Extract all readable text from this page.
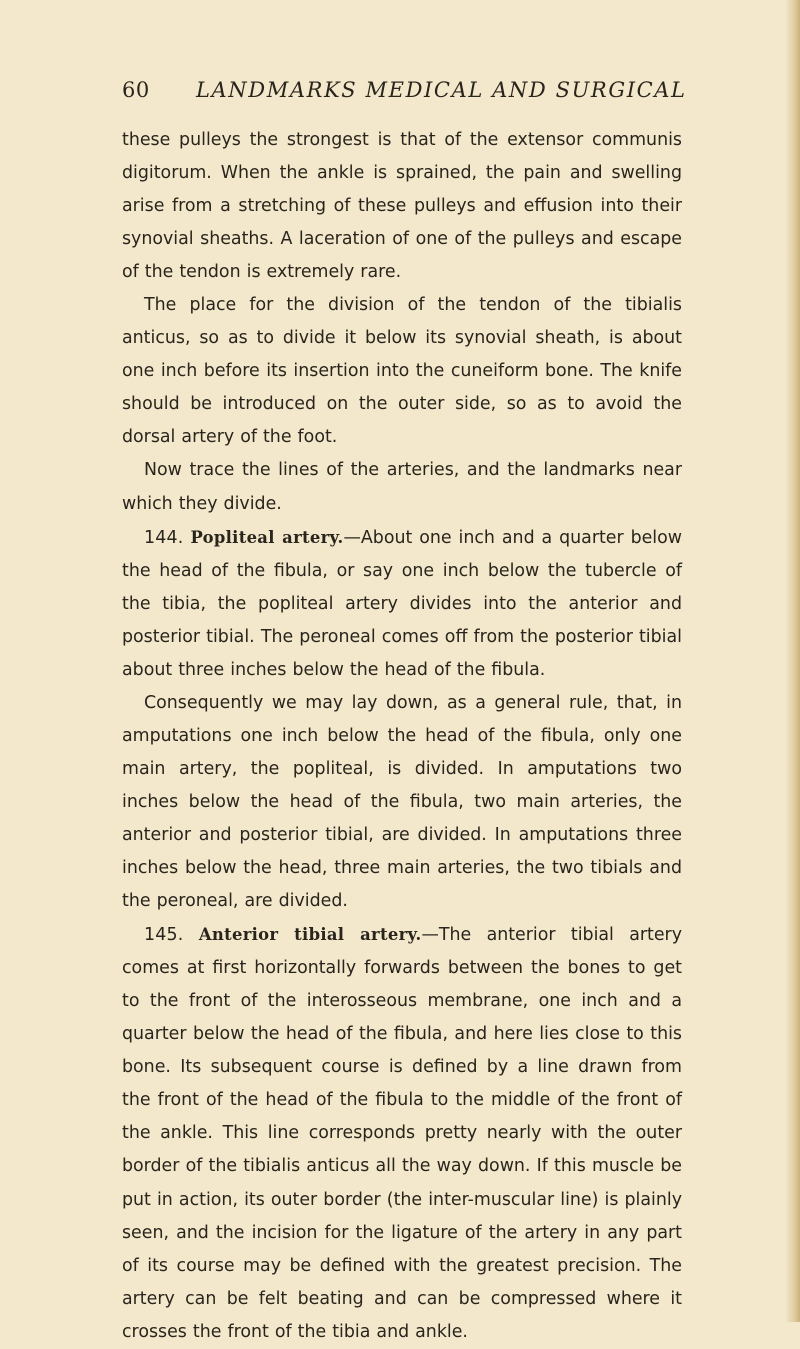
60 LANDMARKS MEDICAL AND SURGICAL

these pulleys the strongest is that of the extensor communis digitorum. When the ankle is sprained, the pain and swelling arise from a stretching of these pulleys and effusion into their synovial sheaths. A laceration of one of the pulleys and escape of the tendon is extremely rare.

The place for the division of the tendon of the tibialis anticus, so as to divide it below its synovial sheath, is about one inch before its insertion into the cuneiform bone. The knife should be introduced on the outer side, so as to avoid the dorsal artery of the foot.

Now trace the lines of the arteries, and the landmarks near which they divide.

144. Popliteal artery.—About one inch and a quarter below the head of the fibula, or say one inch below the tubercle of the tibia, the popliteal artery divides into the anterior and posterior tibial. The peroneal comes off from the posterior tibial about three inches below the head of the fibula.

Consequently we may lay down, as a general rule, that, in amputations one inch below the head of the fibula, only one main artery, the popliteal, is divided. In amputations two inches below the head of the fibula, two main arteries, the anterior and posterior tibial, are divided. In amputations three inches below the head, three main arteries, the two tibials and the peroneal, are divided.

145. Anterior tibial artery.—The anterior tibial artery comes at first horizontally forwards between the bones to get to the front of the interosseous membrane, one inch and a quarter below the head of the fibula, and here lies close to this bone. Its subsequent course is defined by a line drawn from the front of the head of the fibula to the middle of the front of the ankle. This line corresponds pretty nearly with the outer border of the tibialis anticus all the way down. If this muscle be put in action, its outer border (the inter-muscular line) is plainly seen, and the incision for the ligature of the artery in any part of its course may be defined with the greatest precision. The artery can be felt beating and can be compressed where it crosses the front of the tibia and ankle.
